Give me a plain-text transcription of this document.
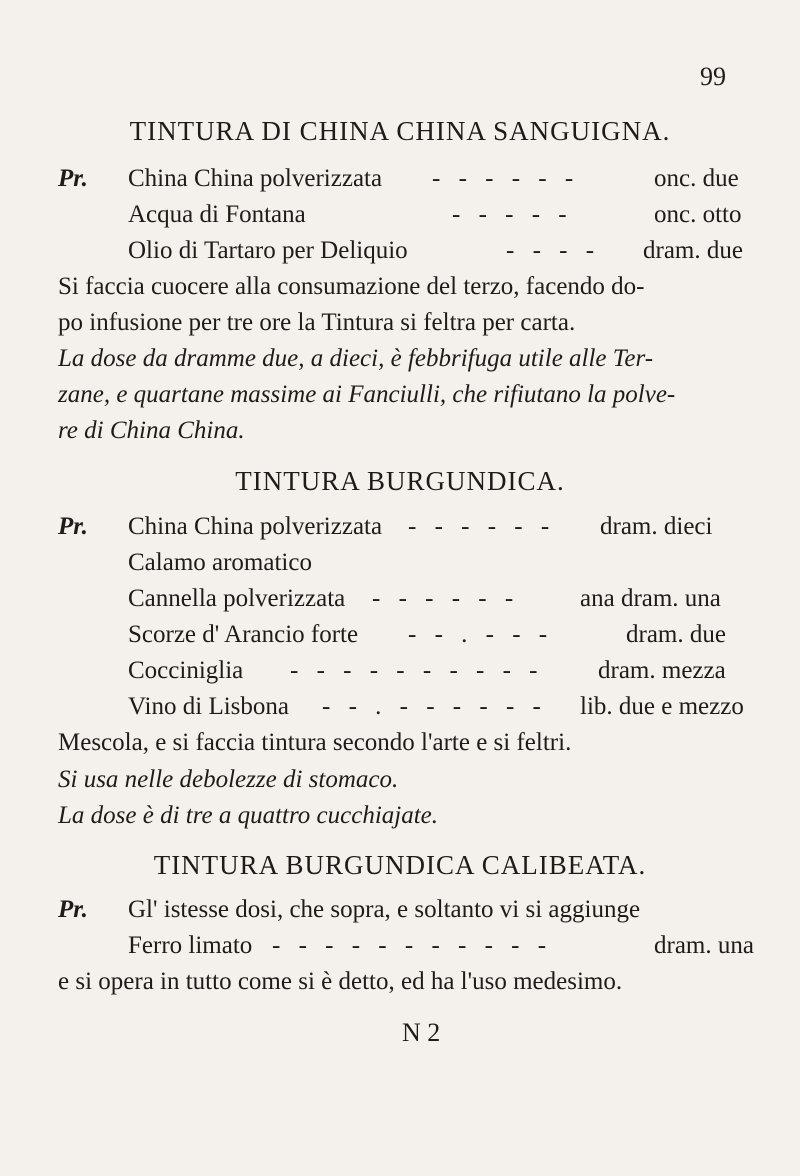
99
TINTURA DI CHINA CHINA SANGUIGNA.
Pr. China China polverizzata - - - - - -	onc. due
Acqua di Fontana	- - - - -	onc. otto
Olio di Tartaro per Deliquio	- - - - dram. due
Si faccia cuocere alla consumazione del terzo, facendo do-
po infusione per tre ore la Tintura si feltra per carta.
La dose da dramme due, a dieci, è febbrifuga utile alle Ter-
zane, e quartane massime ai Fanciulli, che rifiutano la polve-
re di China China.
TINTURA BURGUNDICA.
Pr. China China polverizzata - - - - - - dram. dieci
Calamo aromatico
Cannella polverizzata - - - - - - ana dram. una
Scorze d' Arancio forte - - . - - -	dram. due
Cocciniglia - - - - - - - - - - dram. mezza
Vino di Lisbona - - . - - - - - - lib. due e mezzo
Mescola, e si faccia tintura secondo l'arte e si feltri.
Si usa nelle debolezze di stomaco.
La dose è di tre a quattro cucchiajate.
TINTURA BURGUNDICA CALIBEATA.
Pr. Gl' istesse dosi, che sopra, e soltanto vi si aggiunge
Ferro limato - - - - - - - - - - -	dram. una
e si opera in tutto come si è detto, ed ha l'uso medesimo.
N 2
